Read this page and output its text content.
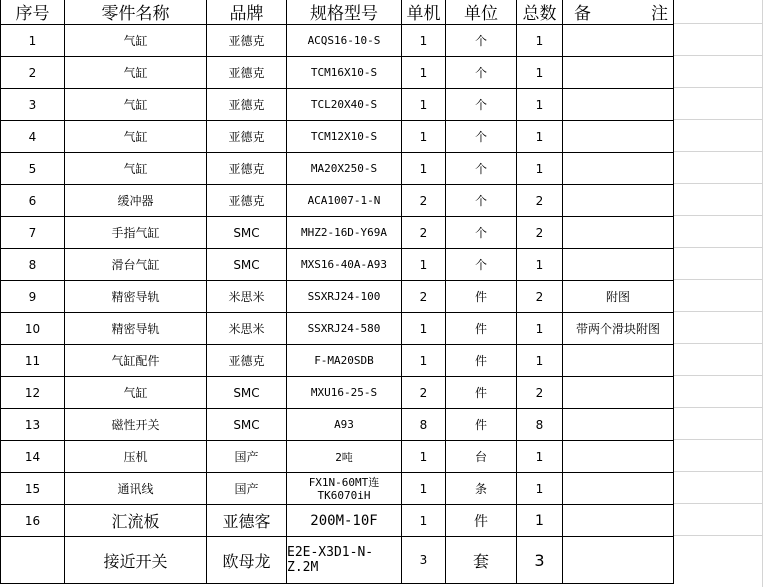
序号	零件名称	品牌	规格型号	单机	单位	总数	备 注
1	气缸	亚德克	ACQS16-10-S	1	个	1	
2	气缸	亚德克	TCM16X10-S	1	个	1	
3	气缸	亚德克	TCL20X40-S	1	个	1	
4	气缸	亚德克	TCM12X10-S	1	个	1	
5	气缸	亚德克	MA20X250-S	1	个	1	
6	缓冲器	亚德克	ACA1007-1-N	2	个	2	
7	手指气缸	SMC	MHZ2-16D-Y69A	2	个	2	
8	滑台气缸	SMC	MXS16-40A-A93	1	个	1	
9	精密导轨	米思米	SSXRJ24-100	2	件	2	附图
10	精密导轨	米思米	SSXRJ24-580	1	件	1	带两个滑块附图
11	气缸配件	亚德克	F-MA20SDB	1	件	1	
12	气缸	SMC	MXU16-25-S	2	件	2	
13	磁性开关	SMC	A93	8	件	8	
14	压机	国产	2吨	1	台	1	
15	通讯线	国产	FX1N-60MT连TK6070iH	1	条	1	
16	汇流板	亚德客	200M-10F	1	件	1	
	接近开关	欧母龙	E2E-X3D1-N-Z.2M	3	套	3	
